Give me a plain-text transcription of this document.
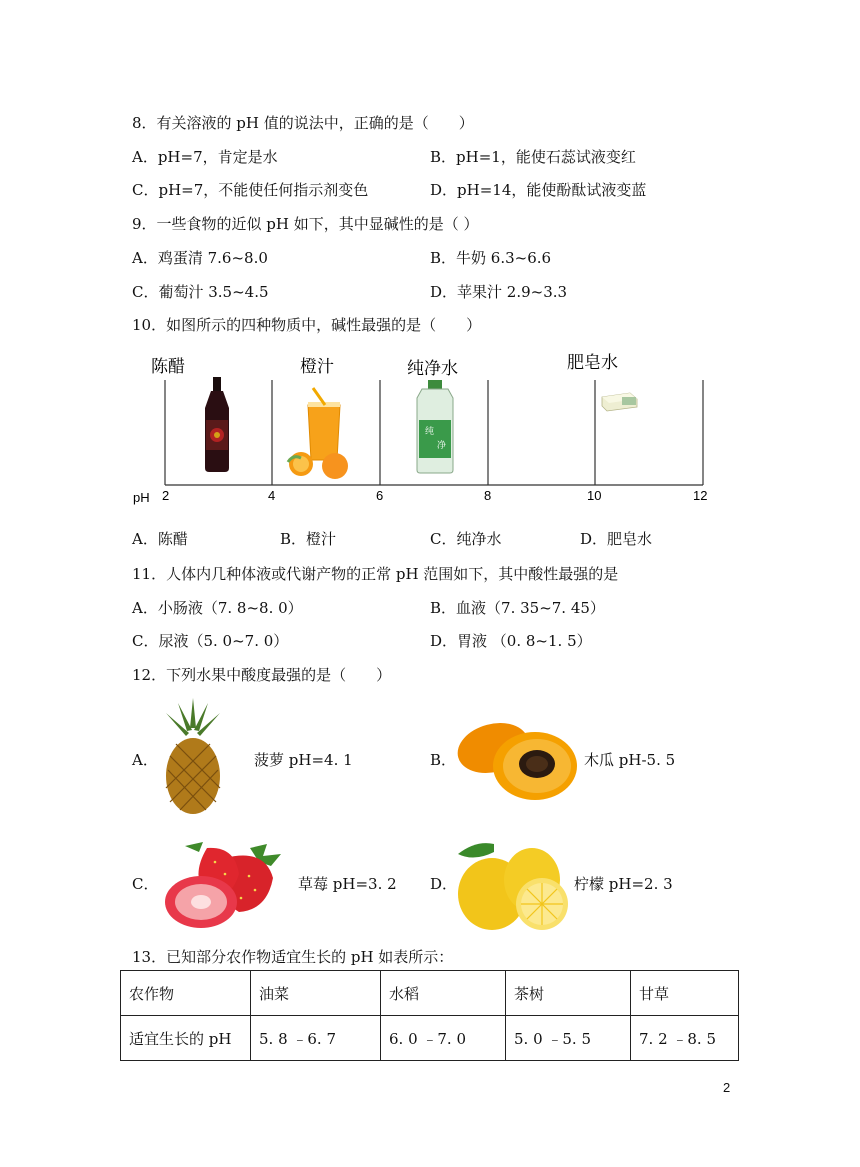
8．有关溶液的 pH 值的说法中，正确的是（　　）
A．pH=7，肯定是水	B．pH=1，能使石蕊试液变红
C．pH=7，不能使任何指示剂变色	D．pH=14，能使酚酞试液变蓝
9．一些食物的近似 pH 如下，其中显碱性的是（ ）
A．鸡蛋清 7.6~8.0	B．牛奶 6.3~6.6
C．葡萄汁 3.5~4.5	D．苹果汁 2.9~3.3
10．如图所示的四种物质中，碱性最强的是（　　）
陈醋	橙汁	纯净水	肥皂水
纯
净
pH 2	4	6	8	10	12
A．陈醋	B．橙汁	C．纯净水	D．肥皂水
11．人体内几种体液或代谢产物的正常 pH 范围如下，其中酸性最强的是
A．小肠液（7. 8~8. 0）	B．血液（7. 35~7. 45）
C．尿液（5. 0~7. 0）	D．胃液 （0. 8~1. 5）
12．下列水果中酸度最强的是（　　）
A．	菠萝 pH=4. 1	B．	木瓜 pH-5. 5
C．	草莓 pH=3. 2 D．	柠檬 pH=2. 3
13．已知部分农作物适宜生长的 pH 如表所示：
农作物	油菜	水稻	茶树	甘草
适宜生长的 pH	5. 8 ﹣6. 7	6. 0 ﹣7. 0	5. 0 ﹣5. 5	7. 2 ﹣8. 5
2
